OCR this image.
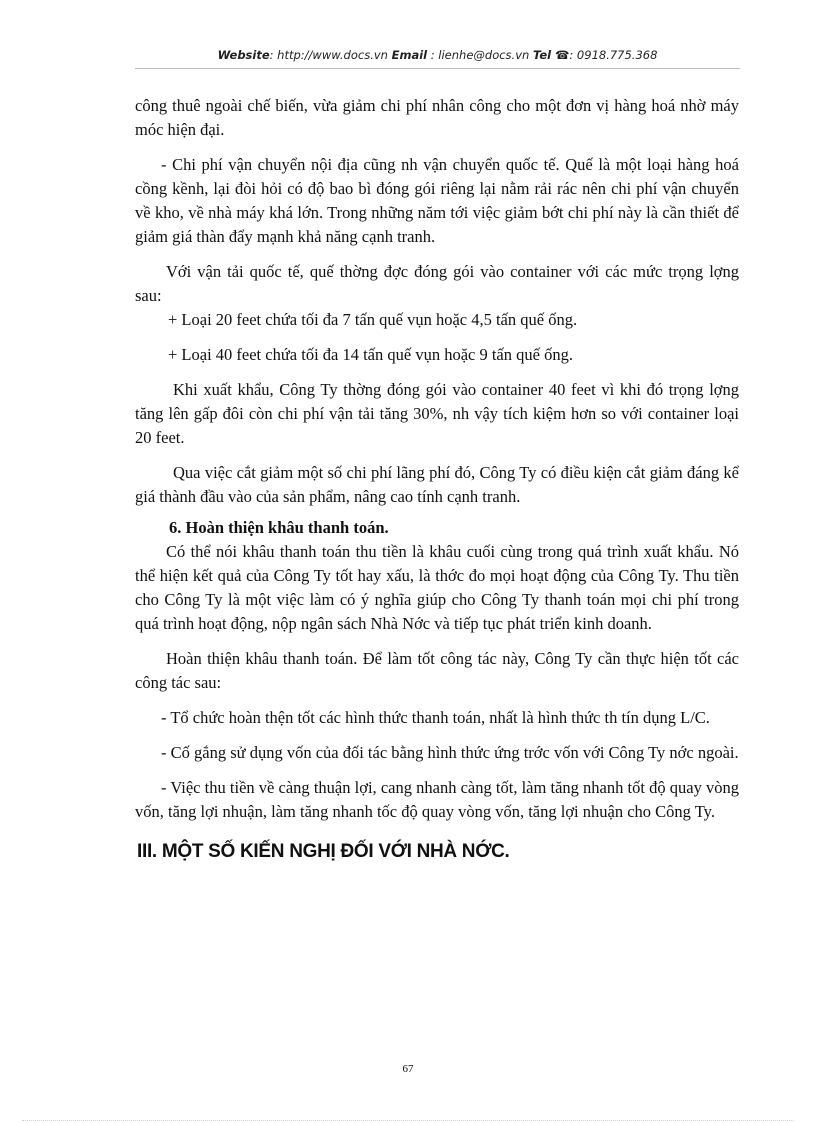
Website: http://www.docs.vn Email : lienhe@docs.vn Tel ☎: 0918.775.368

công thuê ngoài chế biến, vừa giảm chi phí nhân công cho một đơn vị hàng hoá nhờ máy móc hiện đại.

- Chi phí vận chuyển nội địa cũng nh vận chuyển quốc tế. Quế là một loại hàng hoá cồng kềnh, lại đòi hỏi có độ bao bì đóng gói riêng lại nằm rải rác nên chi phí vận chuyển về kho, về nhà máy khá lớn. Trong những năm tới việc giảm bớt chi phí này là cần thiết để giảm giá thàn đẩy mạnh khả năng cạnh tranh.

Với vận tải quốc tế, quế thờng đợc đóng gói vào container với các mức trọng lợng sau:

+ Loại 20 feet chứa tối đa 7 tấn quế vụn hoặc 4,5 tấn quế ống.

+ Loại 40 feet chứa tối đa 14 tấn quế vụn hoặc 9 tấn quế ống.

Khi xuất khẩu, Công Ty thờng đóng gói vào container 40 feet vì khi đó trọng lợng tăng lên gấp đôi còn chi phí vận tải tăng 30%, nh vậy tích kiệm hơn so với container loại 20 feet.

Qua việc cắt giảm một số chi phí lãng phí đó, Công Ty có điều kiện cắt giảm đáng kể giá thành đầu vào của sản phẩm, nâng cao tính cạnh tranh.

6. Hoàn thiện khâu thanh toán.

Có thể nói khâu thanh toán thu tiền là khâu cuối cùng trong quá trình xuất khẩu. Nó thể hiện kết quả của Công Ty tốt hay xấu, là thớc đo mọi hoạt động của Công Ty. Thu tiền cho Công Ty là một việc làm có ý nghĩa giúp cho Công Ty thanh toán mọi chi phí trong quá trình hoạt động, nộp ngân sách Nhà Nớc và tiếp tục phát triển kinh doanh.

Hoàn thiện khâu thanh toán. Để làm tốt công tác này, Công Ty cần thực hiện tốt các công tác sau:

- Tổ chức hoàn thện tốt các hình thức thanh toán, nhất là hình thức th tín dụng L/C.

- Cố gắng sử dụng vốn của đối tác bằng hình thức ứng trớc vốn với Công Ty nớc ngoài.

- Việc thu tiền về càng thuận lợi, cang nhanh càng tốt, làm tăng nhanh tốt độ quay vòng vốn, tăng lợi nhuận, làm tăng nhanh tốc độ quay vòng vốn, tăng lợi nhuận cho Công Ty.

III. MỘT SỐ KIẾN NGHỊ ĐỐI VỚI NHÀ NỚC.

67
